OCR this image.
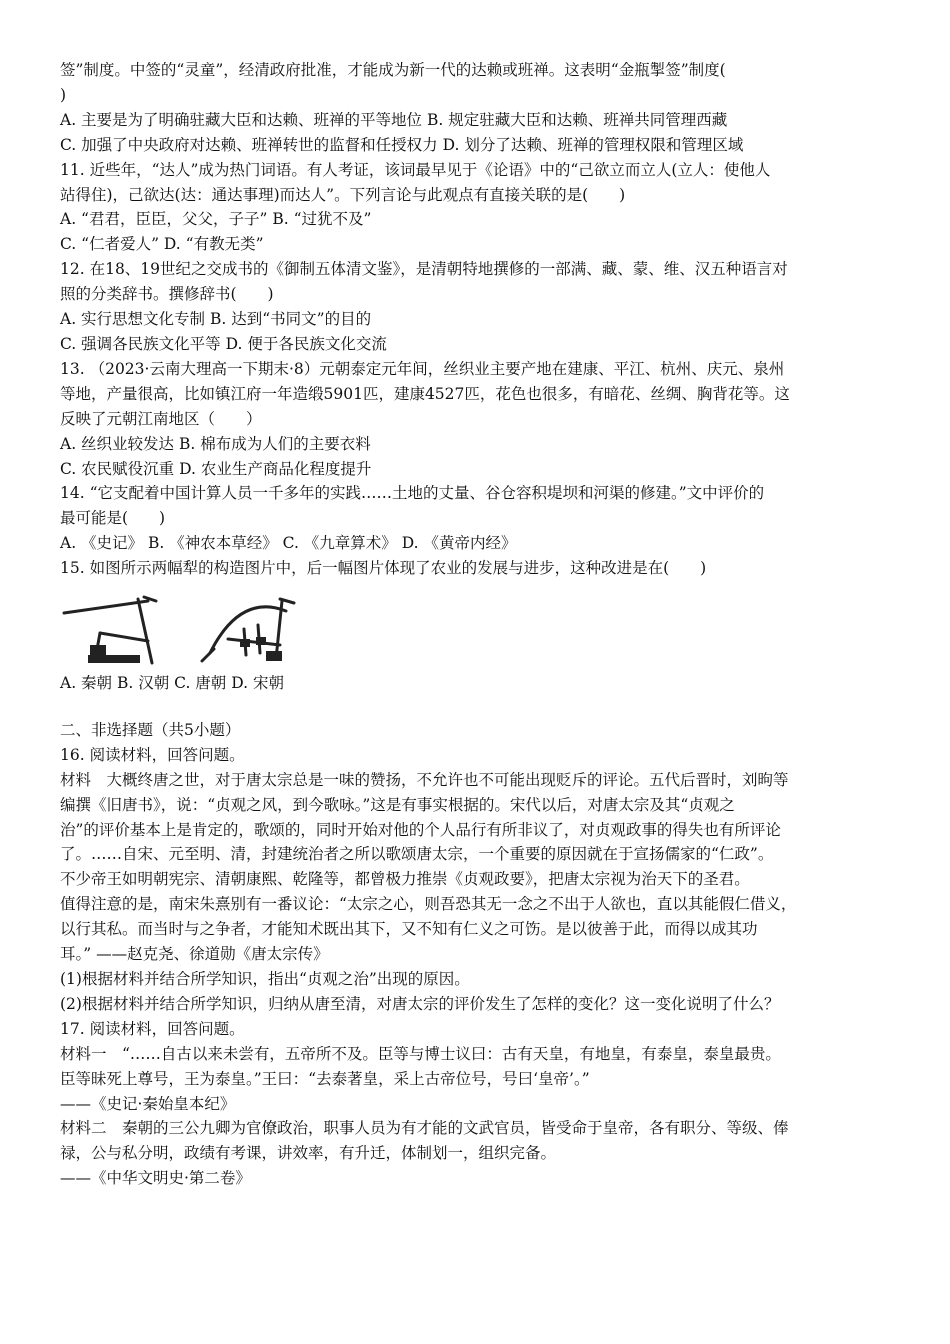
签”制度。中签的“灵童”，经清政府批准，才能成为新一代的达赖或班禅。这表明“金瓶掣签”制度(
)
A. 主要是为了明确驻藏大臣和达赖、班禅的平等地位 B. 规定驻藏大臣和达赖、班禅共同管理西藏
C. 加强了中央政府对达赖、班禅转世的监督和任授权力 D. 划分了达赖、班禅的管理权限和管理区域
11. 近些年，“达人”成为热门词语。有人考证，该词最早见于《论语》中的“己欲立而立人(立人：使他人
站得住)，己欲达(达：通达事理)而达人”。下列言论与此观点有直接关联的是(　　)
A. “君君，臣臣，父父，子子” B. “过犹不及”
C. “仁者爱人” D. “有教无类”
12. 在18、19世纪之交成书的《御制五体清文鉴》，是清朝特地撰修的一部满、藏、蒙、维、汉五种语言对
照的分类辞书。撰修辞书(　　)
A. 实行思想文化专制 B. 达到“书同文”的目的
C. 强调各民族文化平等 D. 便于各民族文化交流
13. （2023·云南大理高一下期末·8）元朝泰定元年间，丝织业主要产地在建康、平江、杭州、庆元、泉州
等地，产量很高，比如镇江府一年造缎5901匹，建康4527匹，花色也很多，有暗花、丝绸、胸背花等。这
反映了元朝江南地区（　　）
A. 丝织业较发达 B. 棉布成为人们的主要衣料
C. 农民赋役沉重 D. 农业生产商品化程度提升
14. “它支配着中国计算人员一千多年的实践……土地的丈量、谷仓容积堤坝和河渠的修建。”文中评价的
最可能是(　　)
A. 《史记》 B. 《神农本草经》 C. 《九章算术》 D. 《黄帝内经》
15. 如图所示两幅犁的构造图片中，后一幅图片体现了农业的发展与进步，这种改进是在(　　)
A. 秦朝 B. 汉朝 C. 唐朝 D. 宋朝
二、非选择题（共5小题）
16. 阅读材料，回答问题。
材料　大概终唐之世，对于唐太宗总是一味的赞扬，不允许也不可能出现贬斥的评论。五代后晋时，刘昫等
编撰《旧唐书》，说：“贞观之风，到今歌咏。”这是有事实根据的。宋代以后，对唐太宗及其“贞观之
治”的评价基本上是肯定的，歌颂的，同时开始对他的个人品行有所非议了，对贞观政事的得失也有所评论
了。……自宋、元至明、清，封建统治者之所以歌颂唐太宗，一个重要的原因就在于宣扬儒家的“仁政”。
不少帝王如明朝宪宗、清朝康熙、乾隆等，都曾极力推崇《贞观政要》，把唐太宗视为治天下的圣君。
值得注意的是，南宋朱熹别有一番议论：“太宗之心，则吾恐其无一念之不出于人欲也，直以其能假仁借义，
以行其私。而当时与之争者，才能知术既出其下，又不知有仁义之可饬。是以彼善于此，而得以成其功
耳。” ——赵克尧、徐道勋《唐太宗传》
(1)根据材料并结合所学知识，指出“贞观之治”出现的原因。
(2)根据材料并结合所学知识，归纳从唐至清，对唐太宗的评价发生了怎样的变化？这一变化说明了什么？
17. 阅读材料，回答问题。
材料一　“……自古以来未尝有，五帝所不及。臣等与博士议曰：古有天皇，有地皇，有泰皇，泰皇最贵。
臣等昧死上尊号，王为泰皇。”王曰：“去泰著皇，采上古帝位号，号曰‘皇帝’。”
——《史记·秦始皇本纪》
材料二　秦朝的三公九卿为官僚政治，职事人员为有才能的文武官员，皆受命于皇帝，各有职分、等级、俸
禄，公与私分明，政绩有考课，讲效率，有升迁，体制划一，组织完备。
——《中华文明史·第二卷》
